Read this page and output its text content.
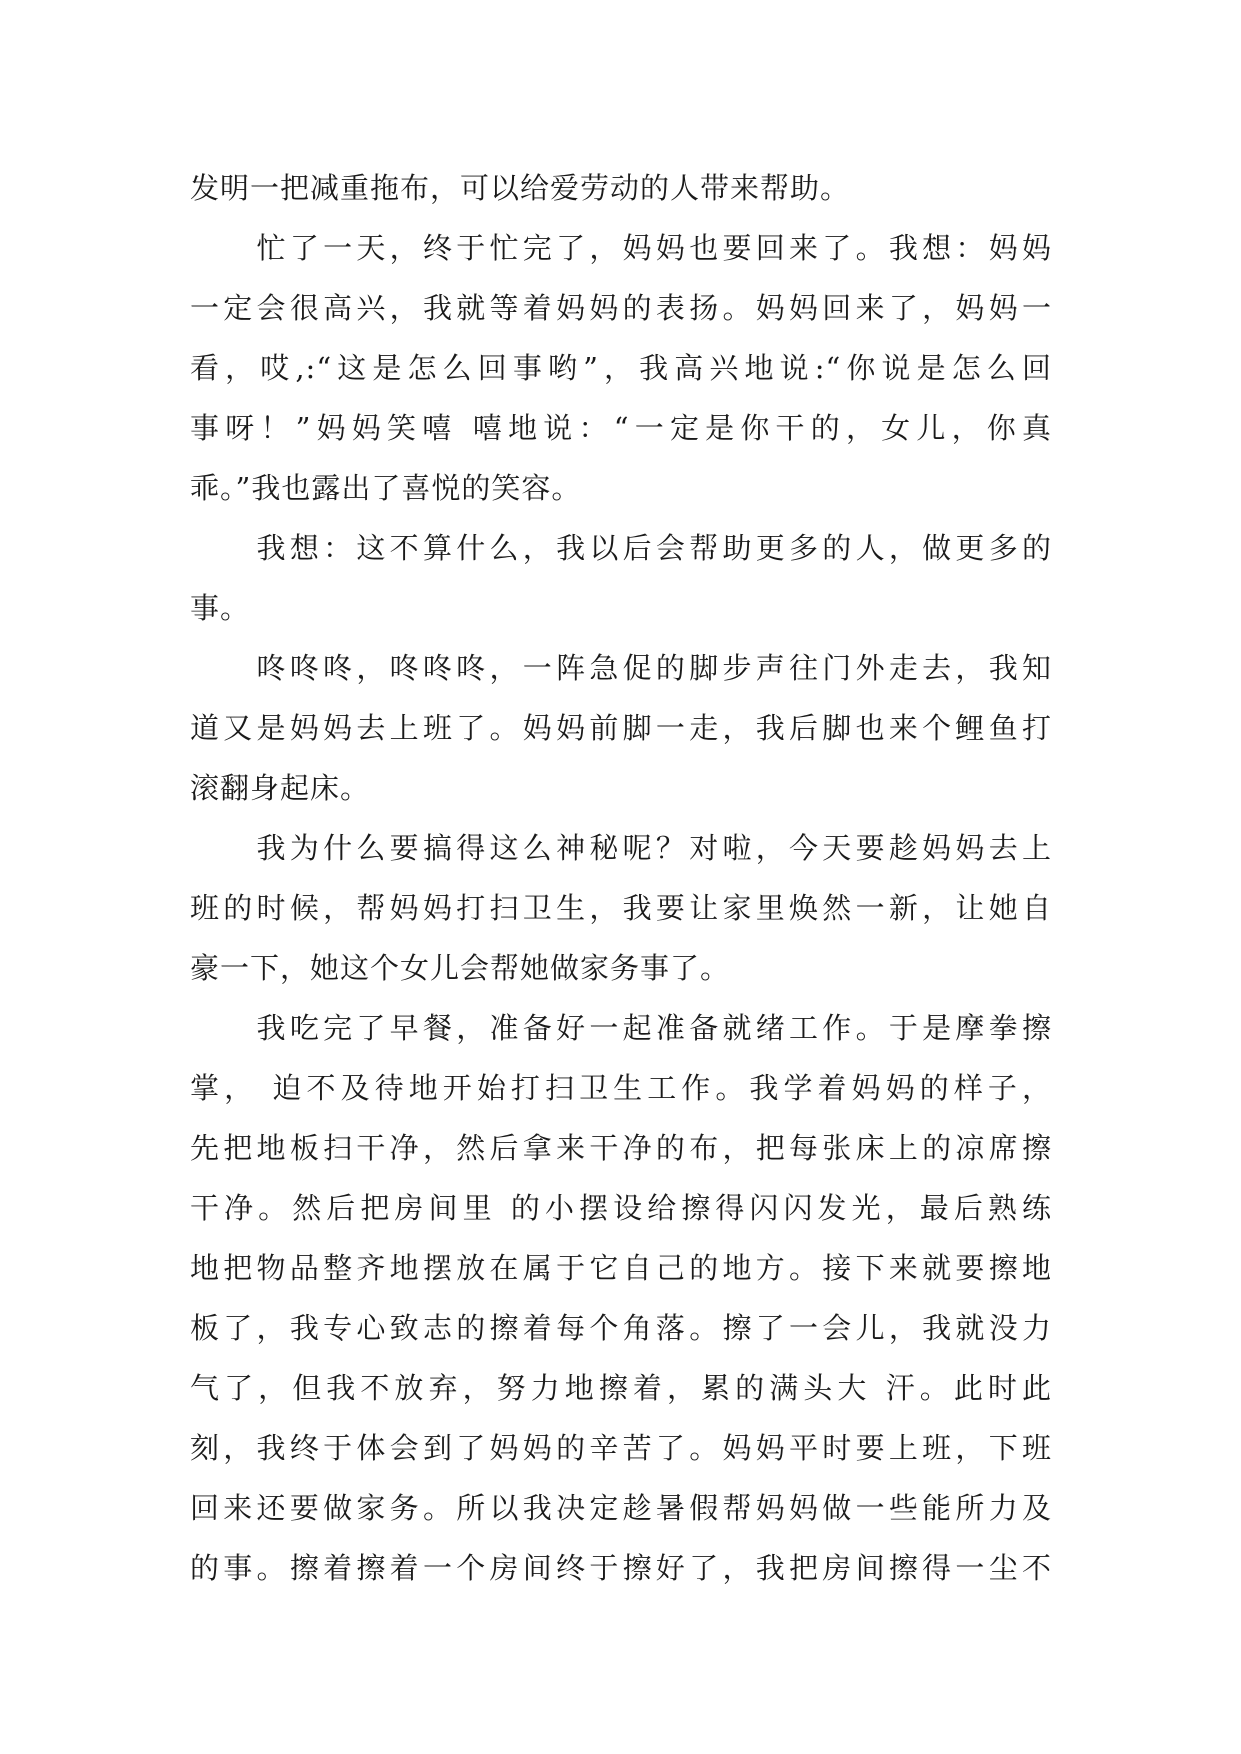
发明一把减重拖布，可以给爱劳动的人带来帮助。
　　忙了一天，终于忙完了，妈妈也要回来了。我想：妈妈
一定会很高兴，我就等着妈妈的表扬。妈妈回来了，妈妈一
看，哎,:“这是怎么回事哟”，我高兴地说:“你说是怎么回
事呀！”妈妈笑嘻 嘻地说：“一定是你干的，女儿，你真
乖。”我也露出了喜悦的笑容。
　　我想：这不算什么，我以后会帮助更多的人，做更多的
事。
　　咚咚咚，咚咚咚，一阵急促的脚步声往门外走去，我知
道又是妈妈去上班了。妈妈前脚一走，我后脚也来个鲤鱼打
滚翻身起床。
　　我为什么要搞得这么神秘呢？对啦，今天要趁妈妈去上
班的时候，帮妈妈打扫卫生，我要让家里焕然一新，让她自
豪一下，她这个女儿会帮她做家务事了。
　　我吃完了早餐，准备好一起准备就绪工作。于是摩拳擦
掌， 迫不及待地开始打扫卫生工作。我学着妈妈的样子，
先把地板扫干净，然后拿来干净的布，把每张床上的凉席擦
干净。然后把房间里 的小摆设给擦得闪闪发光，最后熟练
地把物品整齐地摆放在属于它自己的地方。接下来就要擦地
板了，我专心致志的擦着每个角落。擦了一会儿，我就没力
气了，但我不放弃，努力地擦着，累的满头大 汗。此时此
刻，我终于体会到了妈妈的辛苦了。妈妈平时要上班，下班
回来还要做家务。所以我决定趁暑假帮妈妈做一些能所力及
的事。擦着擦着一个房间终于擦好了，我把房间擦得一尘不
